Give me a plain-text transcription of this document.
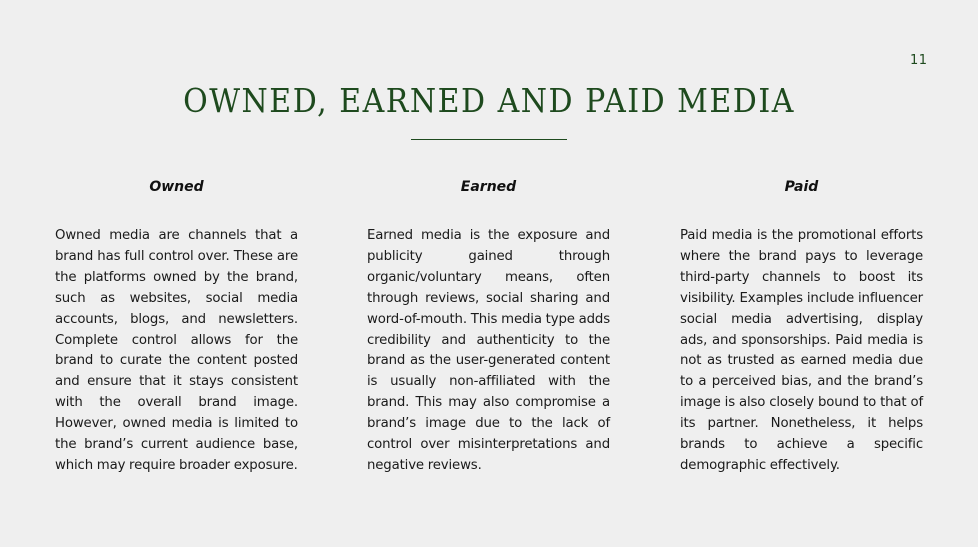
11
OWNED, EARNED AND PAID MEDIA
Owned

Owned media are channels that a brand has full control over. These are the platforms owned by the brand, such as websites, social media accounts, blogs, and newsletters. Complete control allows for the brand to curate the content posted and ensure that it stays consistent with the overall brand image. However, owned media is limited to the brand’s current audience base, which may require broader exposure.

Earned

Earned media is the exposure and publicity gained through organic/voluntary means, often through reviews, social sharing and word-of-mouth. This media type adds credibility and authenticity to the brand as the user-generated content is usually non-affiliated with the brand. This may also compromise a brand’s image due to the lack of control over misinterpretations and negative reviews.

Paid

Paid media is the promotional efforts where the brand pays to leverage third-party channels to boost its visibility. Examples include influencer social media advertising, display ads, and sponsorships. Paid media is not as trusted as earned media due to a perceived bias, and the brand’s image is also closely bound to that of its partner. Nonetheless, it helps brands to achieve a specific demographic effectively.
